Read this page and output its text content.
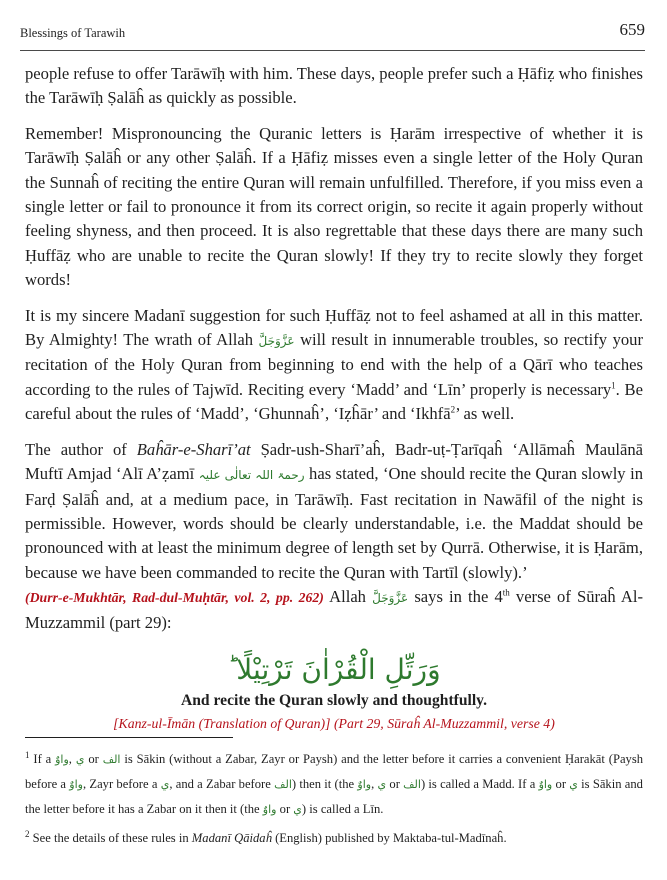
Blessings of Tarawih	659

people refuse to offer Tarāwīḥ with him. These days, people prefer such a Ḥāfiẓ who finishes the Tarāwīḥ Ṣalāĥ as quickly as possible.

Remember! Mispronouncing the Quranic letters is Ḥarām irrespective of whether it is Tarāwīḥ Ṣalāĥ or any other Ṣalāĥ. If a Ḥāfiẓ misses even a single letter of the Holy Quran the Sunnaĥ of reciting the entire Quran will remain unfulfilled. Therefore, if you miss even a single letter or fail to pronounce it from its correct origin, so recite it again properly without feeling shyness, and then proceed. It is also regrettable that these days there are many such Ḥuffāẓ who are unable to recite the Quran slowly! If they try to recite slowly they forget words!

It is my sincere Madanī suggestion for such Ḥuffāẓ not to feel ashamed at all in this matter. By Almighty! The wrath of Allah عَزَّوَجَلَّ will result in innumerable troubles, so rectify your recitation of the Holy Quran from beginning to end with the help of a Qārī who teaches according to the rules of Tajwīd. Reciting every ‘Madd’ and ‘Līn’ properly is necessary$^1$. Be careful about the rules of ‘Madd’, ‘Ghunnaĥ’, ‘Iẓĥār’ and ‘Ikhfā$^2$’ as well.

The author of Baĥār-e-Sharī’at Ṣadr-ush-Sharī’aĥ, Badr-uṭ-Ṭarīqaĥ ‘Allāmaĥ Maulānā Muftī Amjad ‘Alī A’ẓamī رحمۃ اللہ تعالٰی علیہ has stated, ‘One should recite the Quran slowly in Farḍ Ṣalāĥ and, at a medium pace, in Tarāwīḥ. Fast recitation in Nawāfil of the night is permissible. However, words should be clearly understandable, i.e. the Maddat should be pronounced with at least the minimum degree of length set by Qurrā. Otherwise, it is Ḥarām, because we have been commanded to recite the Quran with Tartīl (slowly).’
(Durr-e-Mukhtār, Rad-dul-Muḥtār, vol. 2, pp. 262) Allah عَزَّوَجَلَّ says in the 4th verse of Sūraĥ Al-Muzzammil (part 29):

وَرَتِّلِ الْقُرْاٰنَ تَرْتِيْلًا ؕ

And recite the Quran slowly and thoughtfully.

[Kanz-ul-Īmān (Translation of Quran)] (Part 29, Sūraĥ Al-Muzzammil, verse 4)

$^1$ If a واوٌ, ي or الف is Sākin (without a Zabar, Zayr or Paysh) and the letter before it carries a convenient Ḥarakāt (Paysh before a واوٌ, Zayr before a ي, and a Zabar before الف) then it (the واوٌ, ي or الف) is called a Madd. If a واوٌ or ي is Sākin and the letter before it has a Zabar on it then it (the واوٌ or ي) is called a Līn.

$^2$ See the details of these rules in Madanī Qāidaĥ (English) published by Maktaba-tul-Madīnaĥ.
